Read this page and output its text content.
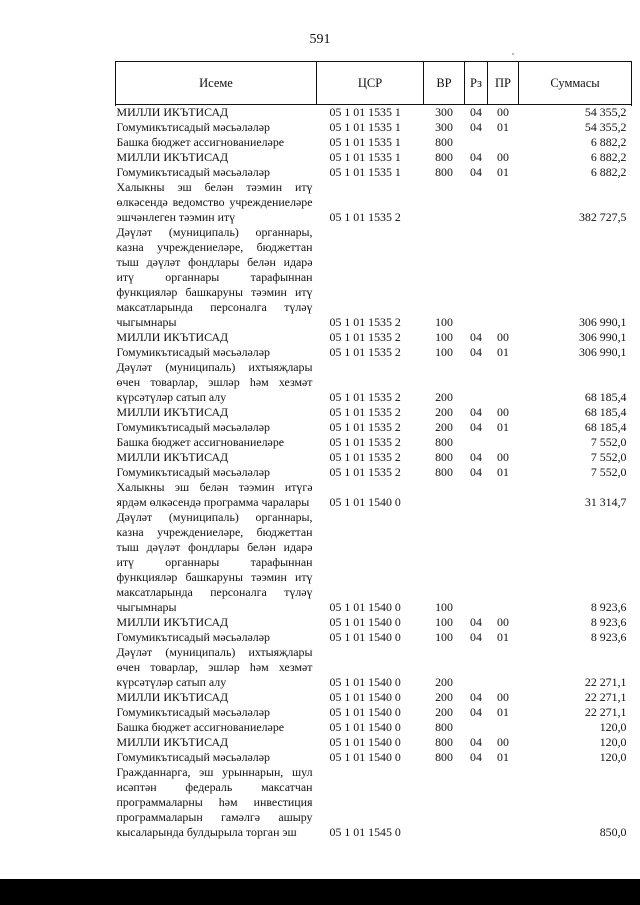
591
Исеме	ЦСР	ВР	Рз	ПР	Суммасы
МИЛЛИ ИКЪТИСАД	05 1 01 1535 1	300	04	00	54 355,2
Гомумикътисадый мәсьәләләр	05 1 01 1535 1	300	04	01	54 355,2
Башка бюджет ассигнованиеләре	05 1 01 1535 1	800			6 882,2
МИЛЛИ ИКЪТИСАД	05 1 01 1535 1	800	04	00	6 882,2
Гомумикътисадый мәсьәләләр	05 1 01 1535 1	800	04	01	6 882,2
Халыкны эш белән тәэмин итү өлкәсендә ведомство учреждениеләре эшчәнлеген тәэмин итү	05 1 01 1535 2				382 727,5
Дәүләт (муниципаль) органнары, казна учреждениеләре, бюджеттан тыш дәүләт фондлары белән идарә итү органнары тарафыннан функцияләр башкаруны тәэмин итү максатларында персоналга түләү чыгымнары	05 1 01 1535 2	100			306 990,1
МИЛЛИ ИКЪТИСАД	05 1 01 1535 2	100	04	00	306 990,1
Гомумикътисадый мәсьәләләр	05 1 01 1535 2	100	04	01	306 990,1
Дәүләт (муниципаль) ихтыяҗлары өчен товарлар, эшләр һәм хезмәт күрсәтүләр сатып алу	05 1 01 1535 2	200			68 185,4
МИЛЛИ ИКЪТИСАД	05 1 01 1535 2	200	04	00	68 185,4
Гомумикътисадый мәсьәләләр	05 1 01 1535 2	200	04	01	68 185,4
Башка бюджет ассигнованиеләре	05 1 01 1535 2	800			7 552,0
МИЛЛИ ИКЪТИСАД	05 1 01 1535 2	800	04	00	7 552,0
Гомумикътисадый мәсьәләләр	05 1 01 1535 2	800	04	01	7 552,0
Халыкны эш белән тәэмин итүгә ярдәм өлкәсендә программа чаралары	05 1 01 1540 0				31 314,7
Дәүләт (муниципаль) органнары, казна учреждениеләре, бюджеттан тыш дәүләт фондлары белән идарә итү органнары тарафыннан функцияләр башкаруны тәэмин итү максатларында персоналга түләү чыгымнары	05 1 01 1540 0	100			8 923,6
МИЛЛИ ИКЪТИСАД	05 1 01 1540 0	100	04	00	8 923,6
Гомумикътисадый мәсьәләләр	05 1 01 1540 0	100	04	01	8 923,6
Дәүләт (муниципаль) ихтыяҗлары өчен товарлар, эшләр һәм хезмәт күрсәтүләр сатып алу	05 1 01 1540 0	200			22 271,1
МИЛЛИ ИКЪТИСАД	05 1 01 1540 0	200	04	00	22 271,1
Гомумикътисадый мәсьәләләр	05 1 01 1540 0	200	04	01	22 271,1
Башка бюджет ассигнованиеләре	05 1 01 1540 0	800			120,0
МИЛЛИ ИКЪТИСАД	05 1 01 1540 0	800	04	00	120,0
Гомумикътисадый мәсьәләләр	05 1 01 1540 0	800	04	01	120,0
Гражданнарга, эш урыннарын, шул исәптән федераль максатчан программаларны һәм инвестиция программаларын гамәлгә ашыру кысаларында булдырыла торган эш	05 1 01 1545 0				850,0
